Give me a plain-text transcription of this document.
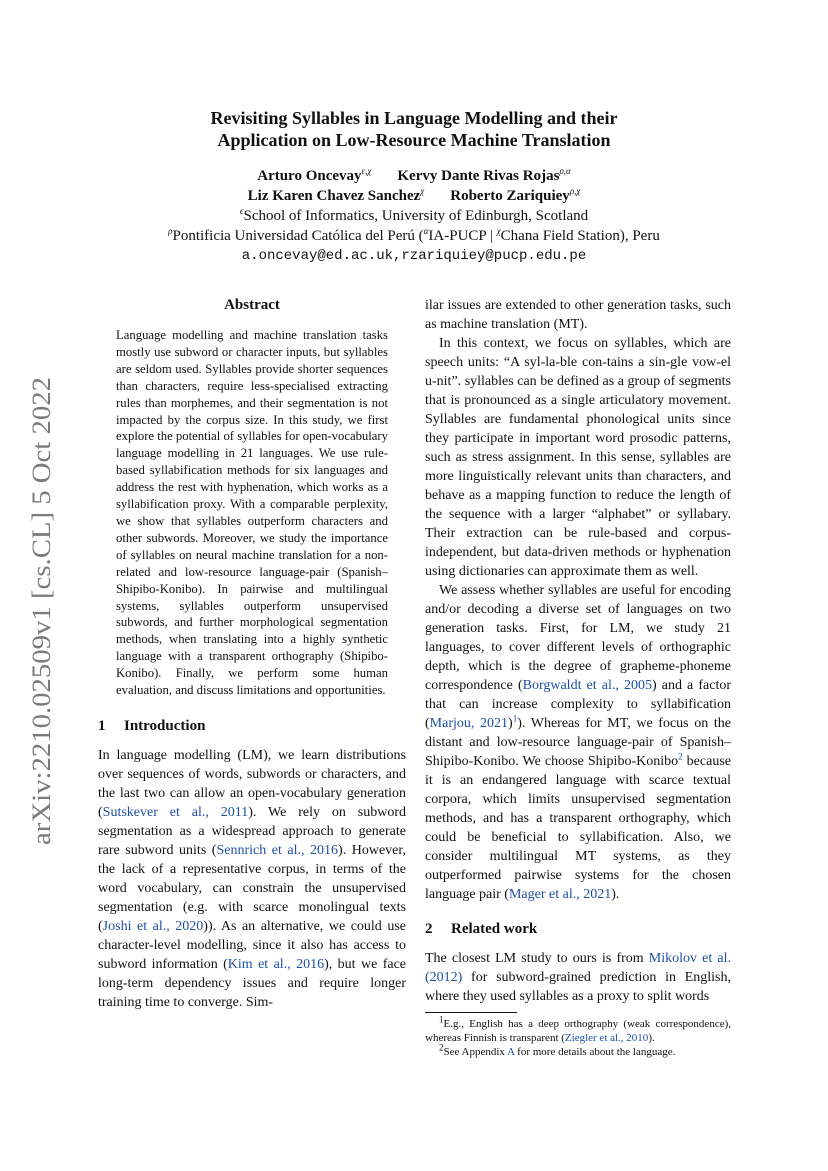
arXiv:2210.02509v1 [cs.CL] 5 Oct 2022
Revisiting Syllables in Language Modelling and their
Application on Low-Resource Machine Translation
Arturo Oncevay$^{\epsilon,\chi}$ Kervy Dante Rivas Rojas$^{\rho,\alpha}$
Liz Karen Chavez Sanchez$^\chi$ Roberto Zariquiey$^{\rho,\chi}$
$^\epsilon$School of Informatics, University of Edinburgh, Scotland
$^\rho$Pontificia Universidad Católica del Perú ($^\alpha$IA-PUCP | $^\chi$Chana Field Station), Peru
a.oncevay@ed.ac.uk,rzariquiey@pucp.edu.pe
Abstract
Language modelling and machine translation tasks mostly use subword or character inputs, but syllables are seldom used. Syllables provide shorter sequences than characters, require less-specialised extracting rules than morphemes, and their segmentation is not impacted by the corpus size. In this study, we first explore the potential of syllables for open-vocabulary language modelling in 21 languages. We use rule-based syllabification methods for six languages and address the rest with hyphenation, which works as a syllabification proxy. With a comparable perplexity, we show that syllables outperform characters and other subwords. Moreover, we study the importance of syllables on neural machine translation for a non-related and low-resource language-pair (Spanish–Shipibo-Konibo). In pairwise and multilingual systems, syllables outperform unsupervised subwords, and further morphological segmentation methods, when translating into a highly synthetic language with a transparent orthography (Shipibo-Konibo). Finally, we perform some human evaluation, and discuss limitations and opportunities.
1 Introduction

In language modelling (LM), we learn distributions over sequences of words, subwords or characters, and the last two can allow an open-vocabulary generation (Sutskever et al., 2011). We rely on subword segmentation as a widespread approach to generate rare subword units (Sennrich et al., 2016). However, the lack of a representative corpus, in terms of the word vocabulary, can constrain the unsupervised segmentation (e.g. with scarce monolingual texts (Joshi et al., 2020)). As an alternative, we could use character-level modelling, since it also has access to subword information (Kim et al., 2016), but we face long-term dependency issues and require longer training time to converge. Sim-

ilar issues are extended to other generation tasks, such as machine translation (MT).

In this context, we focus on syllables, which are speech units: “A syl-la-ble con-tains a sin-gle vow-el u-nit”. syllables can be defined as a group of segments that is pronounced as a single articulatory movement. Syllables are fundamental phonological units since they participate in important word prosodic patterns, such as stress assignment. In this sense, syllables are more linguistically relevant units than characters, and behave as a mapping function to reduce the length of the sequence with a larger “alphabet” or syllabary. Their extraction can be rule-based and corpus-independent, but data-driven methods or hyphenation using dictionaries can approximate them as well.

We assess whether syllables are useful for encoding and/or decoding a diverse set of languages on two generation tasks. First, for LM, we study 21 languages, to cover different levels of orthographic depth, which is the degree of grapheme-phoneme correspondence (Borgwaldt et al., 2005) and a factor that can increase complexity to syllabification (Marjou, 2021)$^1$). Whereas for MT, we focus on the distant and low-resource language-pair of Spanish–Shipibo-Konibo. We choose Shipibo-Konibo$^2$ because it is an endangered language with scarce textual corpora, which limits unsupervised segmentation methods, and has a transparent orthography, which could be beneficial to syllabification. Also, we consider multilingual MT systems, as they outperformed pairwise systems for the chosen language pair (Mager et al., 2021).

2 Related work

The closest LM study to ours is from Mikolov et al. (2012) for subword-grained prediction in English, where they used syllables as a proxy to split words

$^1$E.g., English has a deep orthography (weak correspondence), whereas Finnish is transparent (Ziegler et al., 2010).
$^2$See Appendix A for more details about the language.
